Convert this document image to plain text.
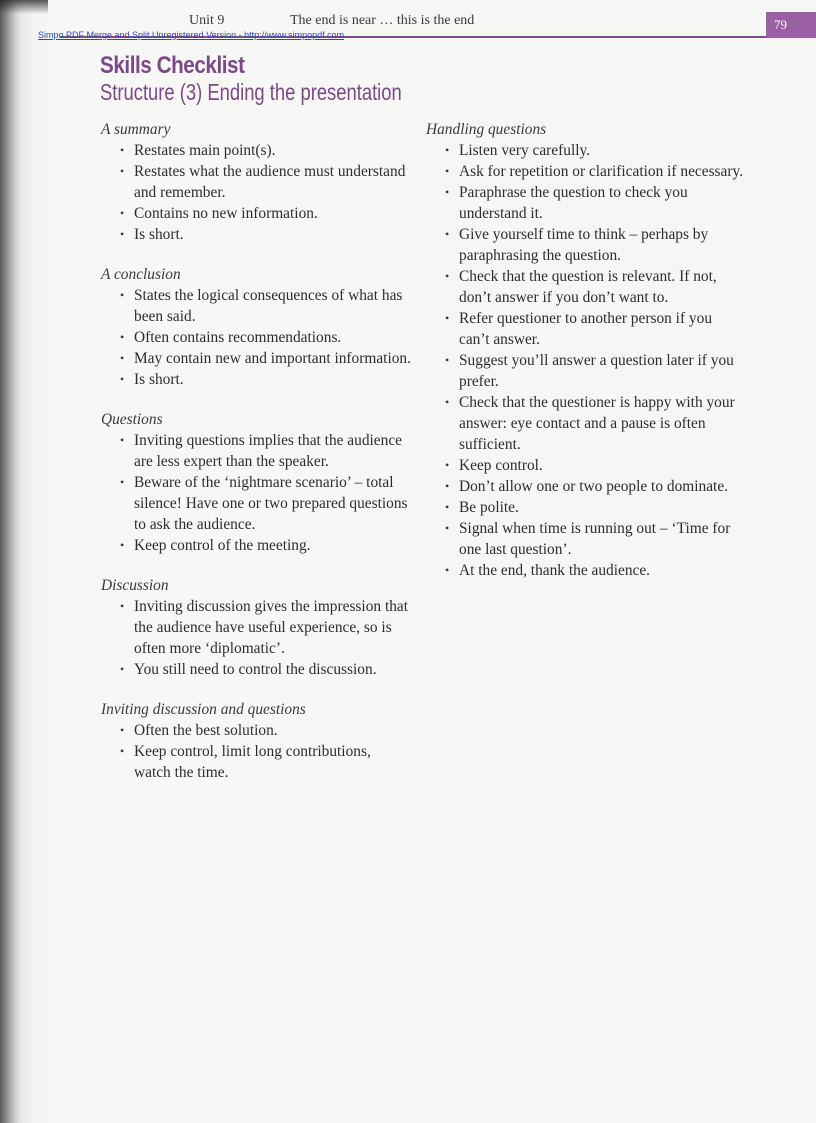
Unit 9	The end is near … this is the end	79
Simpo PDF Merge and Split Unregistered Version - http://www.simpopdf.com
Skills Checklist
Structure (3) Ending the presentation
A summary
• Restates main point(s).
• Restates what the audience must understand and remember.
• Contains no new information.
• Is short.
A conclusion
• States the logical consequences of what has been said.
• Often contains recommendations.
• May contain new and important information.
• Is short.
Questions
• Inviting questions implies that the audience are less expert than the speaker.
• Beware of the ‘nightmare scenario’ – total silence! Have one or two prepared questions to ask the audience.
• Keep control of the meeting.
Discussion
• Inviting discussion gives the impression that the audience have useful experience, so is often more ‘diplomatic’.
• You still need to control the discussion.
Inviting discussion and questions
• Often the best solution.
• Keep control, limit long contributions, watch the time.
Handling questions
• Listen very carefully.
• Ask for repetition or clarification if necessary.
• Paraphrase the question to check you understand it.
• Give yourself time to think – perhaps by paraphrasing the question.
• Check that the question is relevant. If not, don’t answer if you don’t want to.
• Refer questioner to another person if you can’t answer.
• Suggest you’ll answer a question later if you prefer.
• Check that the questioner is happy with your answer: eye contact and a pause is often sufficient.
• Keep control.
• Don’t allow one or two people to dominate.
• Be polite.
• Signal when time is running out – ‘Time for one last question’.
• At the end, thank the audience.
